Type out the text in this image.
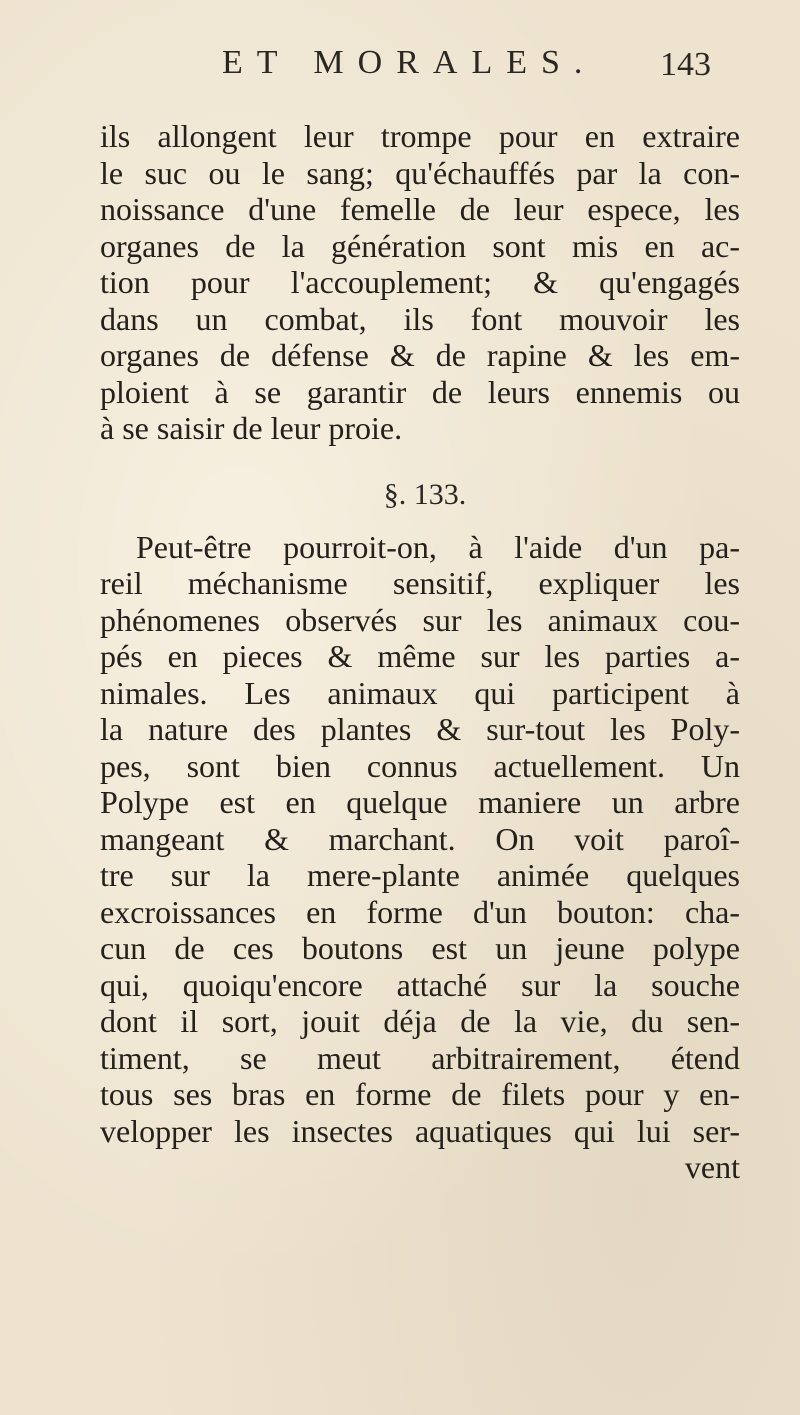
ET MORALES. 143
ils allongent leur trompe pour en extraire
le suc ou le sang; qu'échauffés par la con-
noissance d'une femelle de leur espece, les
organes de la génération sont mis en ac-
tion pour l'accouplement; & qu'engagés
dans un combat, ils font mouvoir les
organes de défense & de rapine & les em-
ploient à se garantir de leurs ennemis ou
à se saisir de leur proie.
§. 133.
Peut-être pourroit-on, à l'aide d'un pa-
reil méchanisme sensitif, expliquer les
phénomenes observés sur les animaux cou-
pés en pieces & même sur les parties a-
nimales. Les animaux qui participent à
la nature des plantes & sur-tout les Poly-
pes, sont bien connus actuellement. Un
Polype est en quelque maniere un arbre
mangeant & marchant. On voit paroî-
tre sur la mere-plante animée quelques
excroissances en forme d'un bouton: cha-
cun de ces boutons est un jeune polype
qui, quoiqu'encore attaché sur la souche
dont il sort, jouit déja de la vie, du sen-
timent, se meut arbitrairement, étend
tous ses bras en forme de filets pour y en-
velopper les insectes aquatiques qui lui ser-
vent
